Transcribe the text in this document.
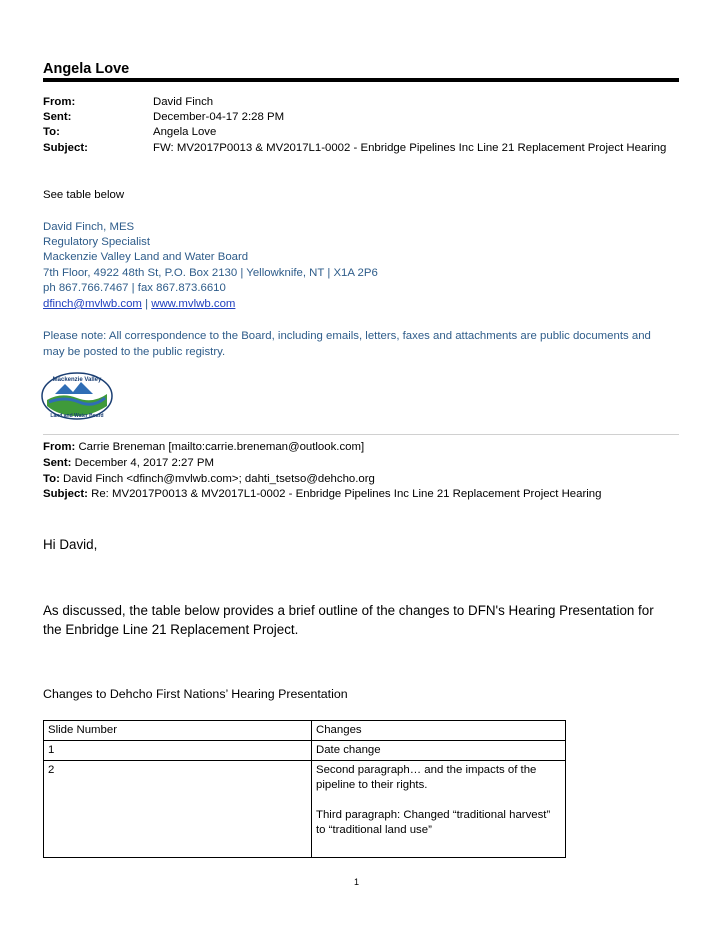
Angela Love
From:	David Finch
Sent:	December-04-17 2:28 PM
To:	Angela Love
Subject:	FW: MV2017P0013 & MV2017L1-0002 - Enbridge Pipelines Inc Line 21 Replacement Project Hearing
See table below
David Finch, MES
Regulatory Specialist
Mackenzie Valley Land and Water Board
7th Floor, 4922 48th St, P.O. Box 2130 | Yellowknife, NT | X1A 2P6
ph 867.766.7467 | fax 867.873.6610
dfinch@mvlwb.com | www.mvlwb.com
Please note: All correspondence to the Board, including emails, letters, faxes and attachments are public documents and may be posted to the public registry.
Mackenzie Valley
Land and Water Board
From: Carrie Breneman [mailto:carrie.breneman@outlook.com]
Sent: December 4, 2017 2:27 PM
To: David Finch <dfinch@mvlwb.com>; dahti_tsetso@dehcho.org
Subject: Re: MV2017P0013 & MV2017L1-0002 - Enbridge Pipelines Inc Line 21 Replacement Project Hearing
Hi David,
As discussed, the table below provides a brief outline of the changes to DFN's Hearing Presentation for the Enbridge Line 21 Replacement Project.
Changes to Dehcho First Nations’ Hearing Presentation
Slide Number	Changes
1	Date change
2	Second paragraph… and the impacts of the pipeline to their rights.
Third paragraph: Changed “traditional harvest” to “traditional land use”
1
